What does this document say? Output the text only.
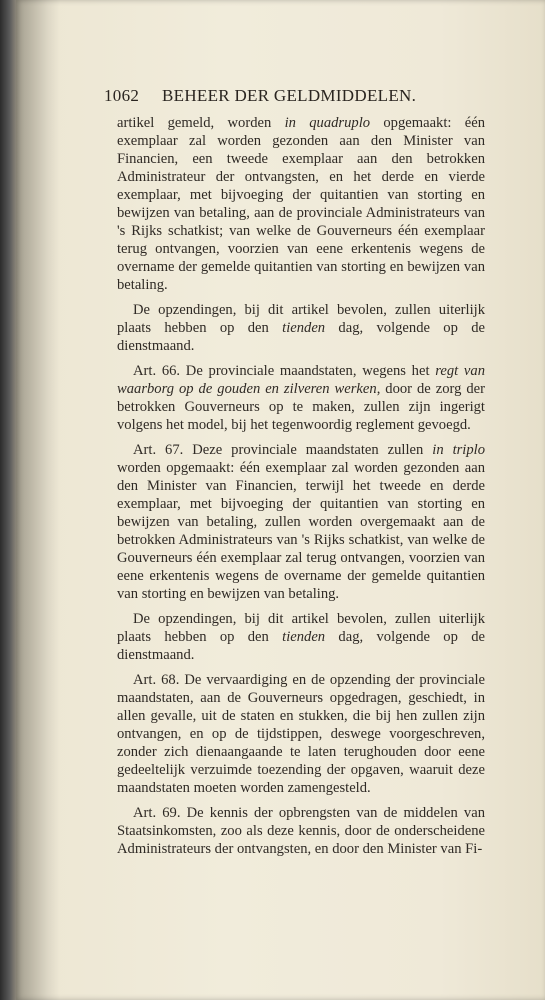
1062 BEHEER DER GELDMIDDELEN.

artikel gemeld, worden in quadruplo opgemaakt: één exemplaar zal worden gezonden aan den Minister van Financien, een tweede exemplaar aan den betrokken Administrateur der ontvangsten, en het derde en vierde exemplaar, met bijvoeging der quitantien van storting en bewijzen van betaling, aan de provinciale Administrateurs van 's Rijks schatkist; van welke de Gouverneurs één exemplaar terug ontvangen, voorzien van eene erkentenis wegens de overname der gemelde quitantien van storting en bewijzen van betaling.

De opzendingen, bij dit artikel bevolen, zullen uiterlijk plaats hebben op den tienden dag, volgende op de dienstmaand.

Art. 66. De provinciale maandstaten, wegens het regt van waarborg op de gouden en zilveren werken, door de zorg der betrokken Gouverneurs op te maken, zullen zijn ingerigt volgens het model, bij het tegenwoordig reglement gevoegd.

Art. 67. Deze provinciale maandstaten zullen in triplo worden opgemaakt: één exemplaar zal worden gezonden aan den Minister van Financien, terwijl het tweede en derde exemplaar, met bijvoeging der quitantien van storting en bewijzen van betaling, zullen worden overgemaakt aan de betrokken Administrateurs van 's Rijks schatkist, van welke de Gouverneurs één exemplaar zal terug ontvangen, voorzien van eene erkentenis wegens de overname der gemelde quitantien van storting en bewijzen van betaling.

De opzendingen, bij dit artikel bevolen, zullen uiterlijk plaats hebben op den tienden dag, volgende op de dienstmaand.

Art. 68. De vervaardiging en de opzending der provinciale maandstaten, aan de Gouverneurs opgedragen, geschiedt, in allen gevalle, uit de staten en stukken, die bij hen zullen zijn ontvangen, en op de tijdstippen, deswege voorgeschreven, zonder zich dienaangaande te laten terughouden door eene gedeeltelijk verzuimde toezending der opgaven, waaruit deze maandstaten moeten worden zamengesteld.

Art. 69. De kennis der opbrengsten van de middelen van Staatsinkomsten, zoo als deze kennis, door de onderscheidene Administrateurs der ontvangsten, en door den Minister van Fi-
